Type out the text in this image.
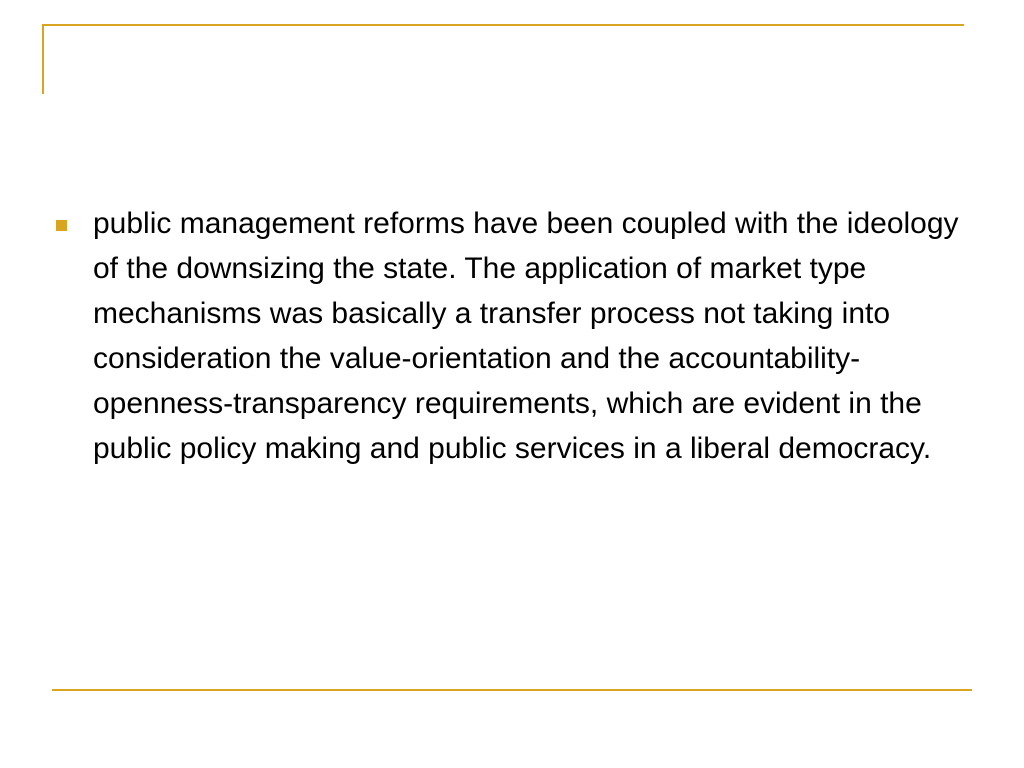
public management reforms have been coupled with the ideology of the downsizing the state. The application of market type mechanisms was basically a transfer process not taking into consideration the value-orientation and the accountability-openness-transparency requirements, which are evident in the public policy making and public services in a liberal democracy.
